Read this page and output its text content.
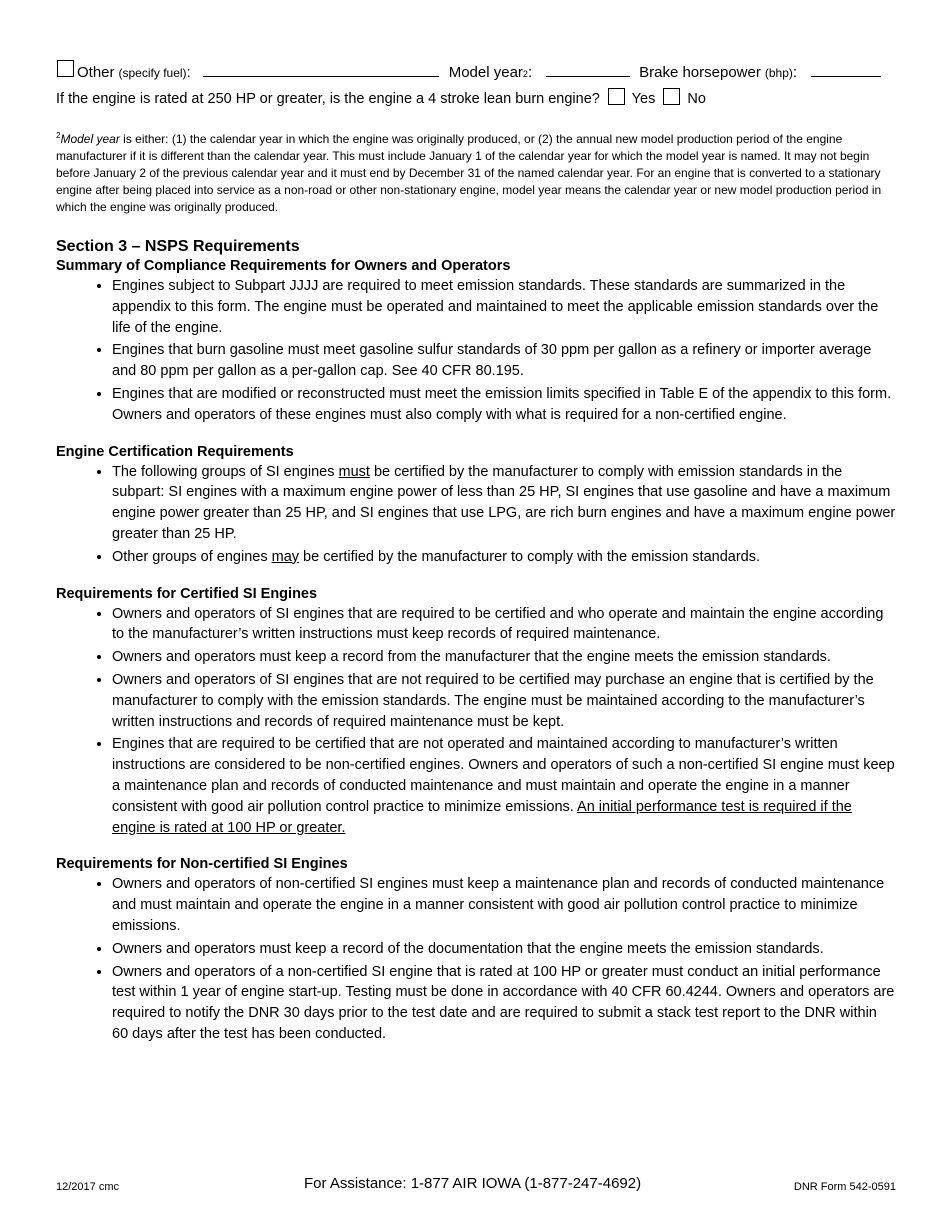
Other (specify fuel) :	Model year 2 :	Brake horsepower (bhp) :
If the engine is rated at 250 HP or greater, is the engine a 4 stroke lean burn engine? Yes No
$^2$Model year is either: (1) the calendar year in which the engine was originally produced, or (2) the annual new model production period of the engine manufacturer if it is different than the calendar year. This must include January 1 of the calendar year for which the model year is named. It may not begin before January 2 of the previous calendar year and it must end by December 31 of the named calendar year. For an engine that is converted to a stationary engine after being placed into service as a non-road or other non-stationary engine, model year means the calendar year or new model production period in which the engine was originally produced.
Section 3 – NSPS Requirements
Summary of Compliance Requirements for Owners and Operators
• Engines subject to Subpart JJJJ are required to meet emission standards. These standards are summarized in the appendix to this form. The engine must be operated and maintained to meet the applicable emission standards over the life of the engine.
• Engines that burn gasoline must meet gasoline sulfur standards of 30 ppm per gallon as a refinery or importer average and 80 ppm per gallon as a per-gallon cap. See 40 CFR 80.195.
• Engines that are modified or reconstructed must meet the emission limits specified in Table E of the appendix to this form. Owners and operators of these engines must also comply with what is required for a non-certified engine.
Engine Certification Requirements
• The following groups of SI engines must be certified by the manufacturer to comply with emission standards in the subpart: SI engines with a maximum engine power of less than 25 HP, SI engines that use gasoline and have a maximum engine power greater than 25 HP, and SI engines that use LPG, are rich burn engines and have a maximum engine power greater than 25 HP.
• Other groups of engines may be certified by the manufacturer to comply with the emission standards.
Requirements for Certified SI Engines
• Owners and operators of SI engines that are required to be certified and who operate and maintain the engine according to the manufacturer’s written instructions must keep records of required maintenance.
• Owners and operators must keep a record from the manufacturer that the engine meets the emission standards.
• Owners and operators of SI engines that are not required to be certified may purchase an engine that is certified by the manufacturer to comply with the emission standards. The engine must be maintained according to the manufacturer’s written instructions and records of required maintenance must be kept.
• Engines that are required to be certified that are not operated and maintained according to manufacturer’s written instructions are considered to be non-certified engines. Owners and operators of such a non-certified SI engine must keep a maintenance plan and records of conducted maintenance and must maintain and operate the engine in a manner consistent with good air pollution control practice to minimize emissions. An initial performance test is required if the engine is rated at 100 HP or greater.
Requirements for Non-certified SI Engines
• Owners and operators of non-certified SI engines must keep a maintenance plan and records of conducted maintenance and must maintain and operate the engine in a manner consistent with good air pollution control practice to minimize emissions.
• Owners and operators must keep a record of the documentation that the engine meets the emission standards.
• Owners and operators of a non-certified SI engine that is rated at 100 HP or greater must conduct an initial performance test within 1 year of engine start-up. Testing must be done in accordance with 40 CFR 60.4244. Owners and operators are required to notify the DNR 30 days prior to the test date and are required to submit a stack test report to the DNR within 60 days after the test has been conducted.
12/2017 cmc	For Assistance: 1-877 AIR IOWA (1-877-247-4692)	DNR Form 542-0591
